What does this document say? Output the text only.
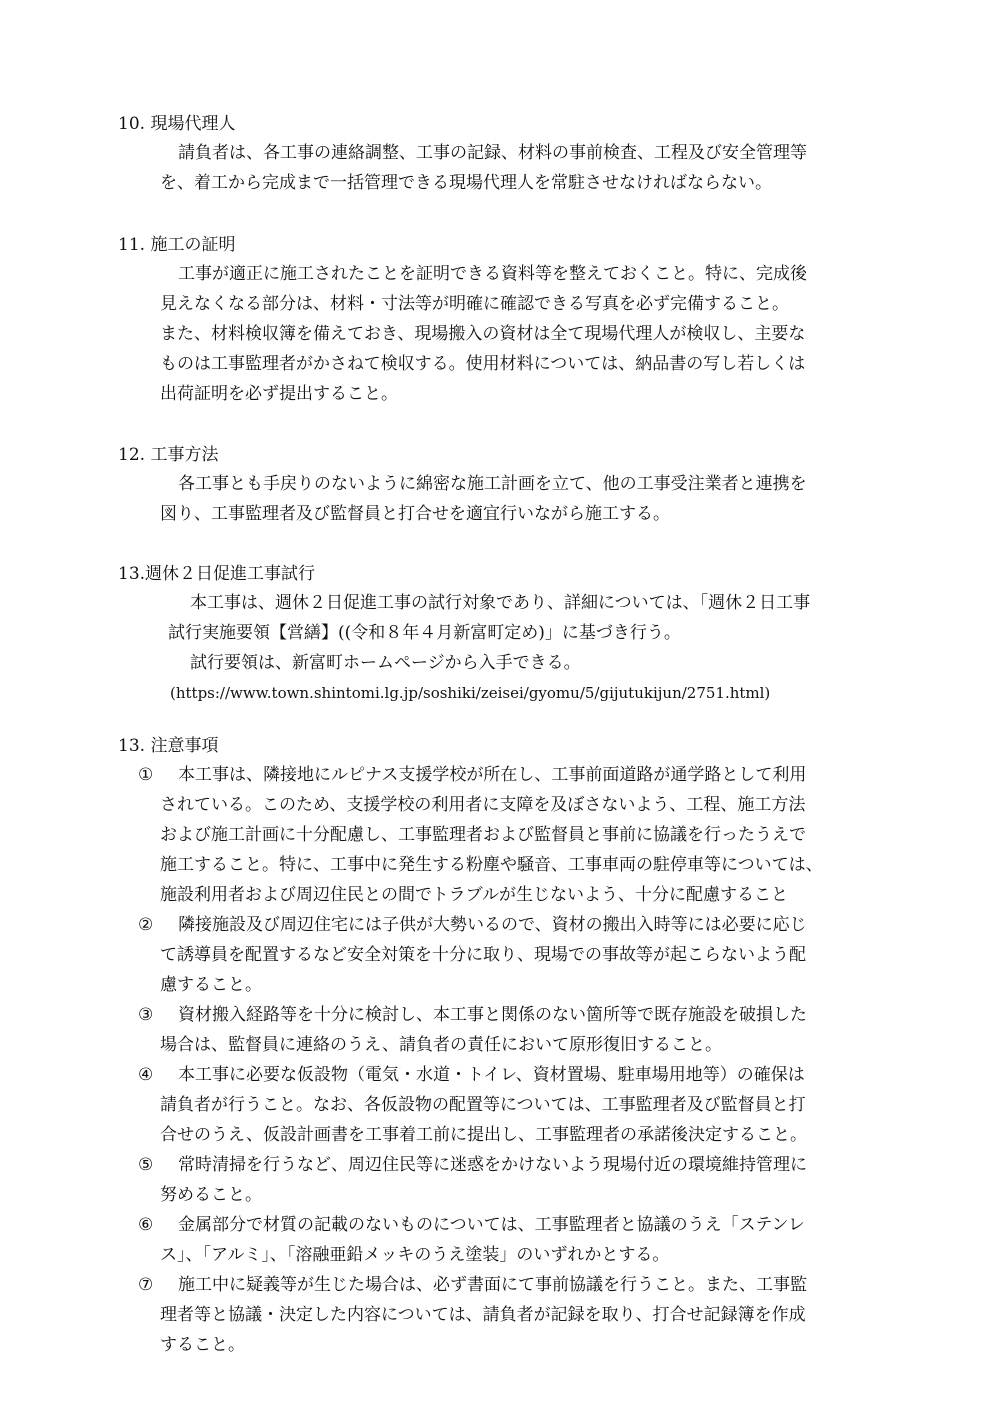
10. 現場代理人
請負者は、各工事の連絡調整、工事の記録、材料の事前検査、工程及び安全管理等
を、着工から完成まで一括管理できる現場代理人を常駐させなければならない。
11. 施工の証明
工事が適正に施工されたことを証明できる資料等を整えておくこと。特に、完成後
見えなくなる部分は、材料・寸法等が明確に確認できる写真を必ず完備すること。
また、材料検収簿を備えておき、現場搬入の資材は全て現場代理人が検収し、主要な
ものは工事監理者がかさねて検収する。使用材料については、納品書の写し若しくは
出荷証明を必ず提出すること。
12. 工事方法
各工事とも手戻りのないように綿密な施工計画を立て、他の工事受注業者と連携を
図り、工事監理者及び監督員と打合せを適宜行いながら施工する。
13.週休２日促進工事試行
本工事は、週休２日促進工事の試行対象であり、詳細については、「週休２日工事
試行実施要領【営繕】((令和８年４月新富町定め)」に基づき行う。
試行要領は、新富町ホームページから入手できる。
(https://www.town.shintomi.lg.jp/soshiki/zeisei/gyomu/5/gijutukijun/2751.html)
13. 注意事項
①	本工事は、隣接地にルピナス支援学校が所在し、工事前面道路が通学路として利用
されている。このため、支援学校の利用者に支障を及ぼさないよう、工程、施工方法
および施工計画に十分配慮し、工事監理者および監督員と事前に協議を行ったうえで
施工すること。特に、工事中に発生する粉塵や騒音、工事車両の駐停車等については、
施設利用者および周辺住民との間でトラブルが生じないよう、十分に配慮すること
②	隣接施設及び周辺住宅には子供が大勢いるので、資材の搬出入時等には必要に応じ
て誘導員を配置するなど安全対策を十分に取り、現場での事故等が起こらないよう配
慮すること。
③	資材搬入経路等を十分に検討し、本工事と関係のない箇所等で既存施設を破損した
場合は、監督員に連絡のうえ、請負者の責任において原形復旧すること。
④	本工事に必要な仮設物（電気・水道・トイレ、資材置場、駐車場用地等）の確保は
請負者が行うこと。なお、各仮設物の配置等については、工事監理者及び監督員と打
合せのうえ、仮設計画書を工事着工前に提出し、工事監理者の承諾後決定すること。
⑤	常時清掃を行うなど、周辺住民等に迷惑をかけないよう現場付近の環境維持管理に
努めること。
⑥	金属部分で材質の記載のないものについては、工事監理者と協議のうえ「ステンレ
ス」、「アルミ」、「溶融亜鉛メッキのうえ塗装」のいずれかとする。
⑦	施工中に疑義等が生じた場合は、必ず書面にて事前協議を行うこと。また、工事監
理者等と協議・決定した内容については、請負者が記録を取り、打合せ記録簿を作成
すること。
